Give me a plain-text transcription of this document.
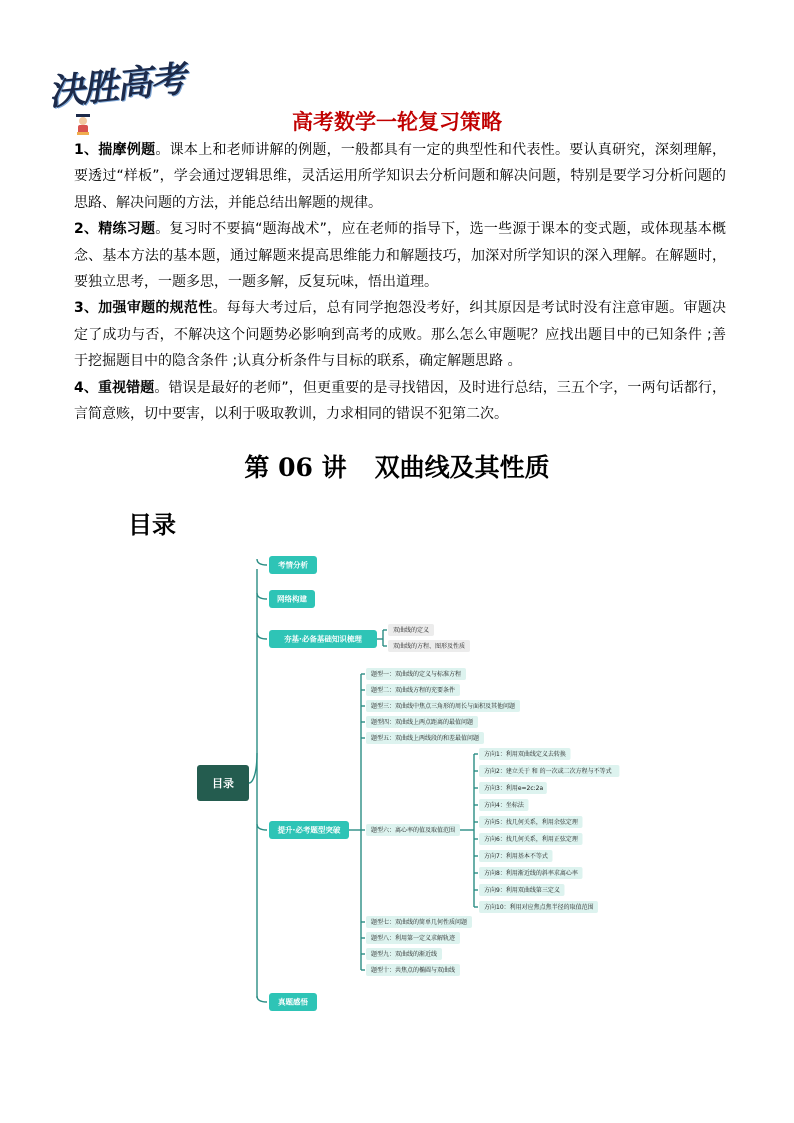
決胜高考
高考数学一轮复习策略

1、揣摩例题。课本上和老师讲解的例题，一般都具有一定的典型性和代表性。要认真研究，深刻理解，要透过“样板”，学会通过逻辑思维，灵活运用所学知识去分析问题和解决问题，特别是要学习分析问题的思路、解决问题的方法，并能总结出解题的规律。

2、精练习题。复习时不要搞“题海战术”，应在老师的指导下，选一些源于课本的变式题，或体现基本概念、基本方法的基本题，通过解题来提高思维能力和解题技巧，加深对所学知识的深入理解。在解题时，要独立思考，一题多思，一题多解，反复玩味，悟出道理。

3、加强审题的规范性。每每大考过后，总有同学抱怨没考好，纠其原因是考试时没有注意审题。审题决定了成功与否，不解决这个问题势必影响到高考的成败。那么怎么审题呢？应找出题目中的已知条件 ;善于挖掘题目中的隐含条件 ;认真分析条件与目标的联系，确定解题思路 。

4、重视错题。错误是最好的老师”，但更重要的是寻找错因，及时进行总结，三五个字，一两句话都行，言简意赅，切中要害，以利于吸取教训，力求相同的错误不犯第二次。

第 06 讲 双曲线及其性质
目录
目录
考情分析
网络构建
夯基·必备基础知识梳理
提升·必考题型突破
真题感悟
双曲线的定义
双曲线的方程、图形及性质
题型一：双曲线的定义与标准方程
题型二：双曲线方程的充要条件
题型三：双曲线中焦点三角形的周长与面积及其他问题
题型四：双曲线上两点距离的最值问题
题型五：双曲线上两线段的和差最值问题
题型六：离心率的值及取值范围
题型七：双曲线的简单几何性质问题
题型八：利用第一定义求解轨迹
题型九：双曲线的渐近线
题型十：共焦点的椭圆与双曲线
方向1：利用双曲线定义去转换
方向2：建立关于 和 的一次或二次方程与不等式
方向3：利用e=2c:2a
方向4：坐标法
方向5：找几何关系，利用余弦定理
方向6：找几何关系，利用正弦定理
方向7：利用基本不等式
方向8：利用渐近线的斜率求离心率
方向9：利用双曲线第三定义
方向10：利用对应焦点焦半径的取值范围
